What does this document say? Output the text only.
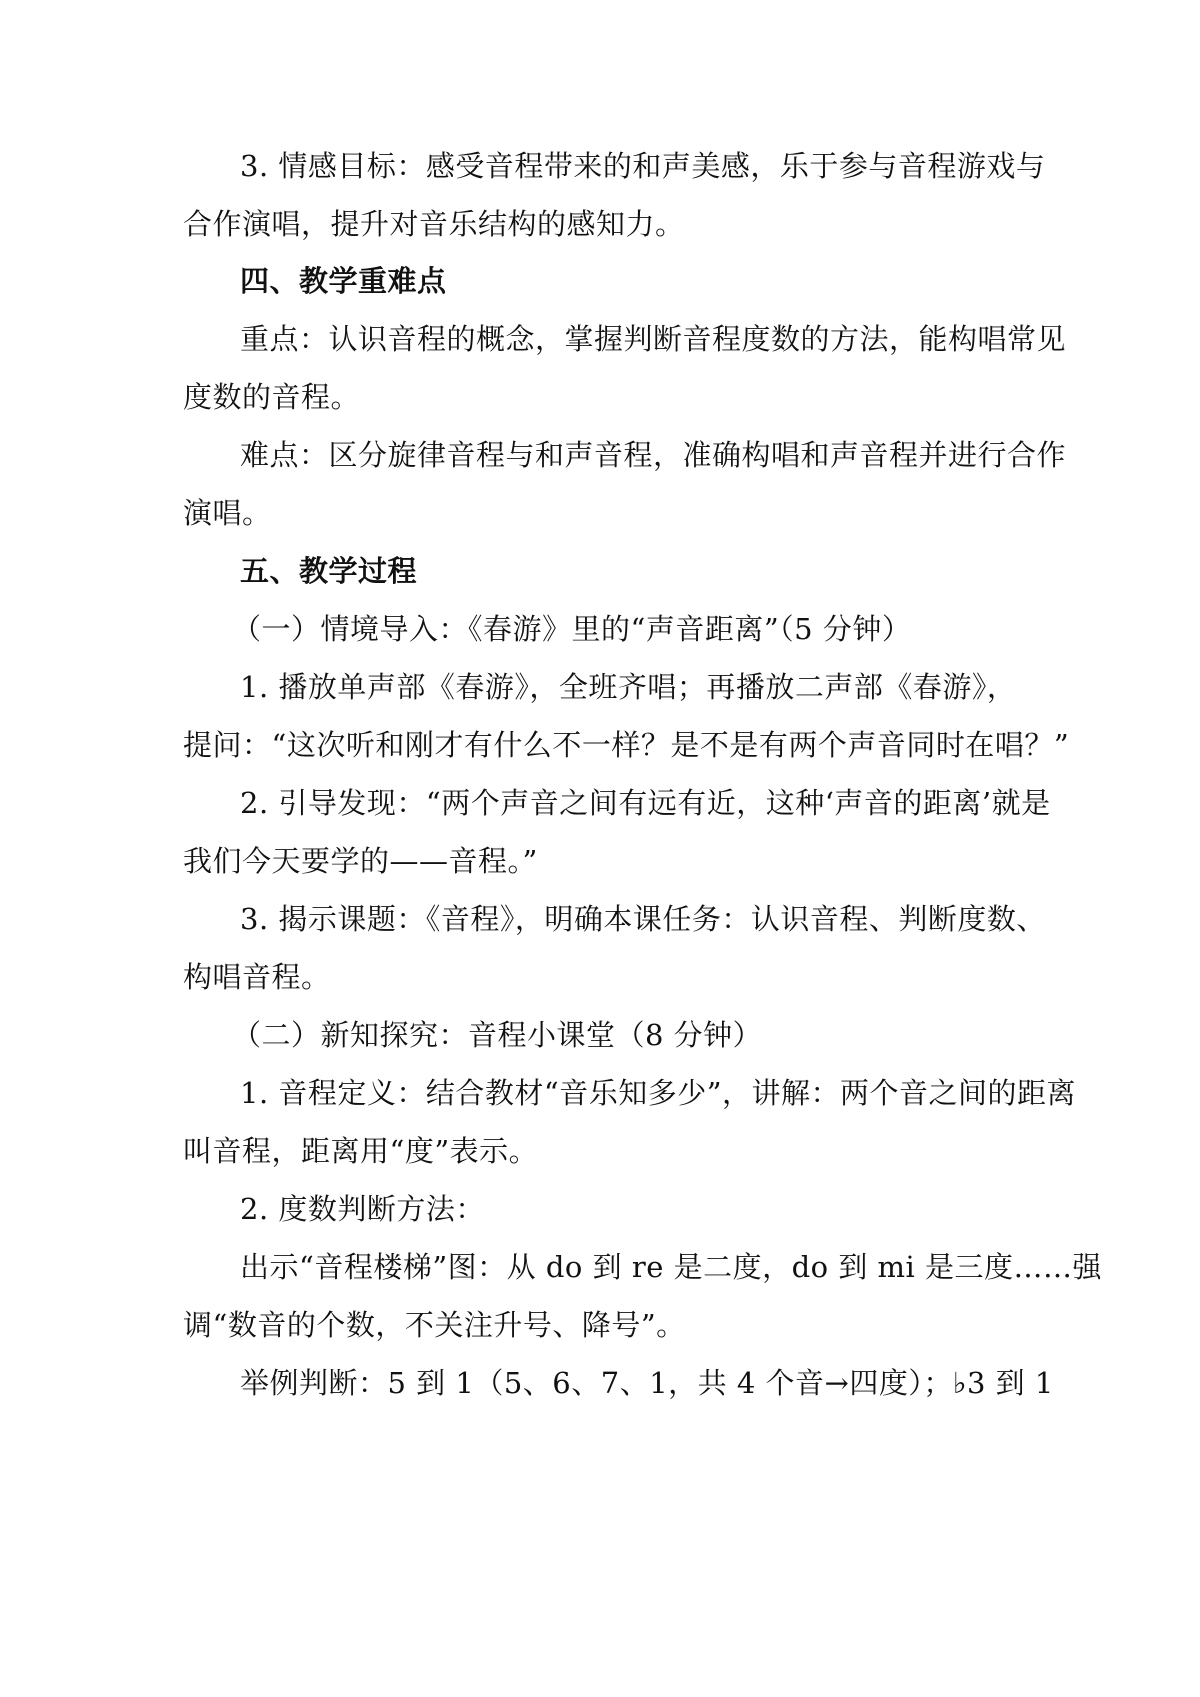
3. 情感目标：感受音程带来的和声美感，乐于参与音程游戏与
合作演唱，提升对音乐结构的感知力。
四、教学重难点
重点：认识音程的概念，掌握判断音程度数的方法，能构唱常见
度数的音程。
难点：区分旋律音程与和声音程，准确构唱和声音程并进行合作
演唱。
五、教学过程
（一）情境导入：《春游》里的“声音距离”（5 分钟）
1. 播放单声部《春游》，全班齐唱；再播放二声部《春游》，
提问：“这次听和刚才有什么不一样？是不是有两个声音同时在唱？”
2. 引导发现：“两个声音之间有远有近，这种‘声音的距离’就是
我们今天要学的——音程。”
3. 揭示课题：《音程》，明确本课任务：认识音程、判断度数、
构唱音程。
（二）新知探究：音程小课堂（8 分钟）
1. 音程定义：结合教材“音乐知多少”，讲解：两个音之间的距离
叫音程，距离用“度”表示。
2. 度数判断方法：
出示“音程楼梯”图：从 do 到 re 是二度，do 到 mi 是三度……强
调“数音的个数，不关注升号、降号”。
举例判断：5 到 1（5、6、7、1，共 4 个音→四度）；♭3 到 1
